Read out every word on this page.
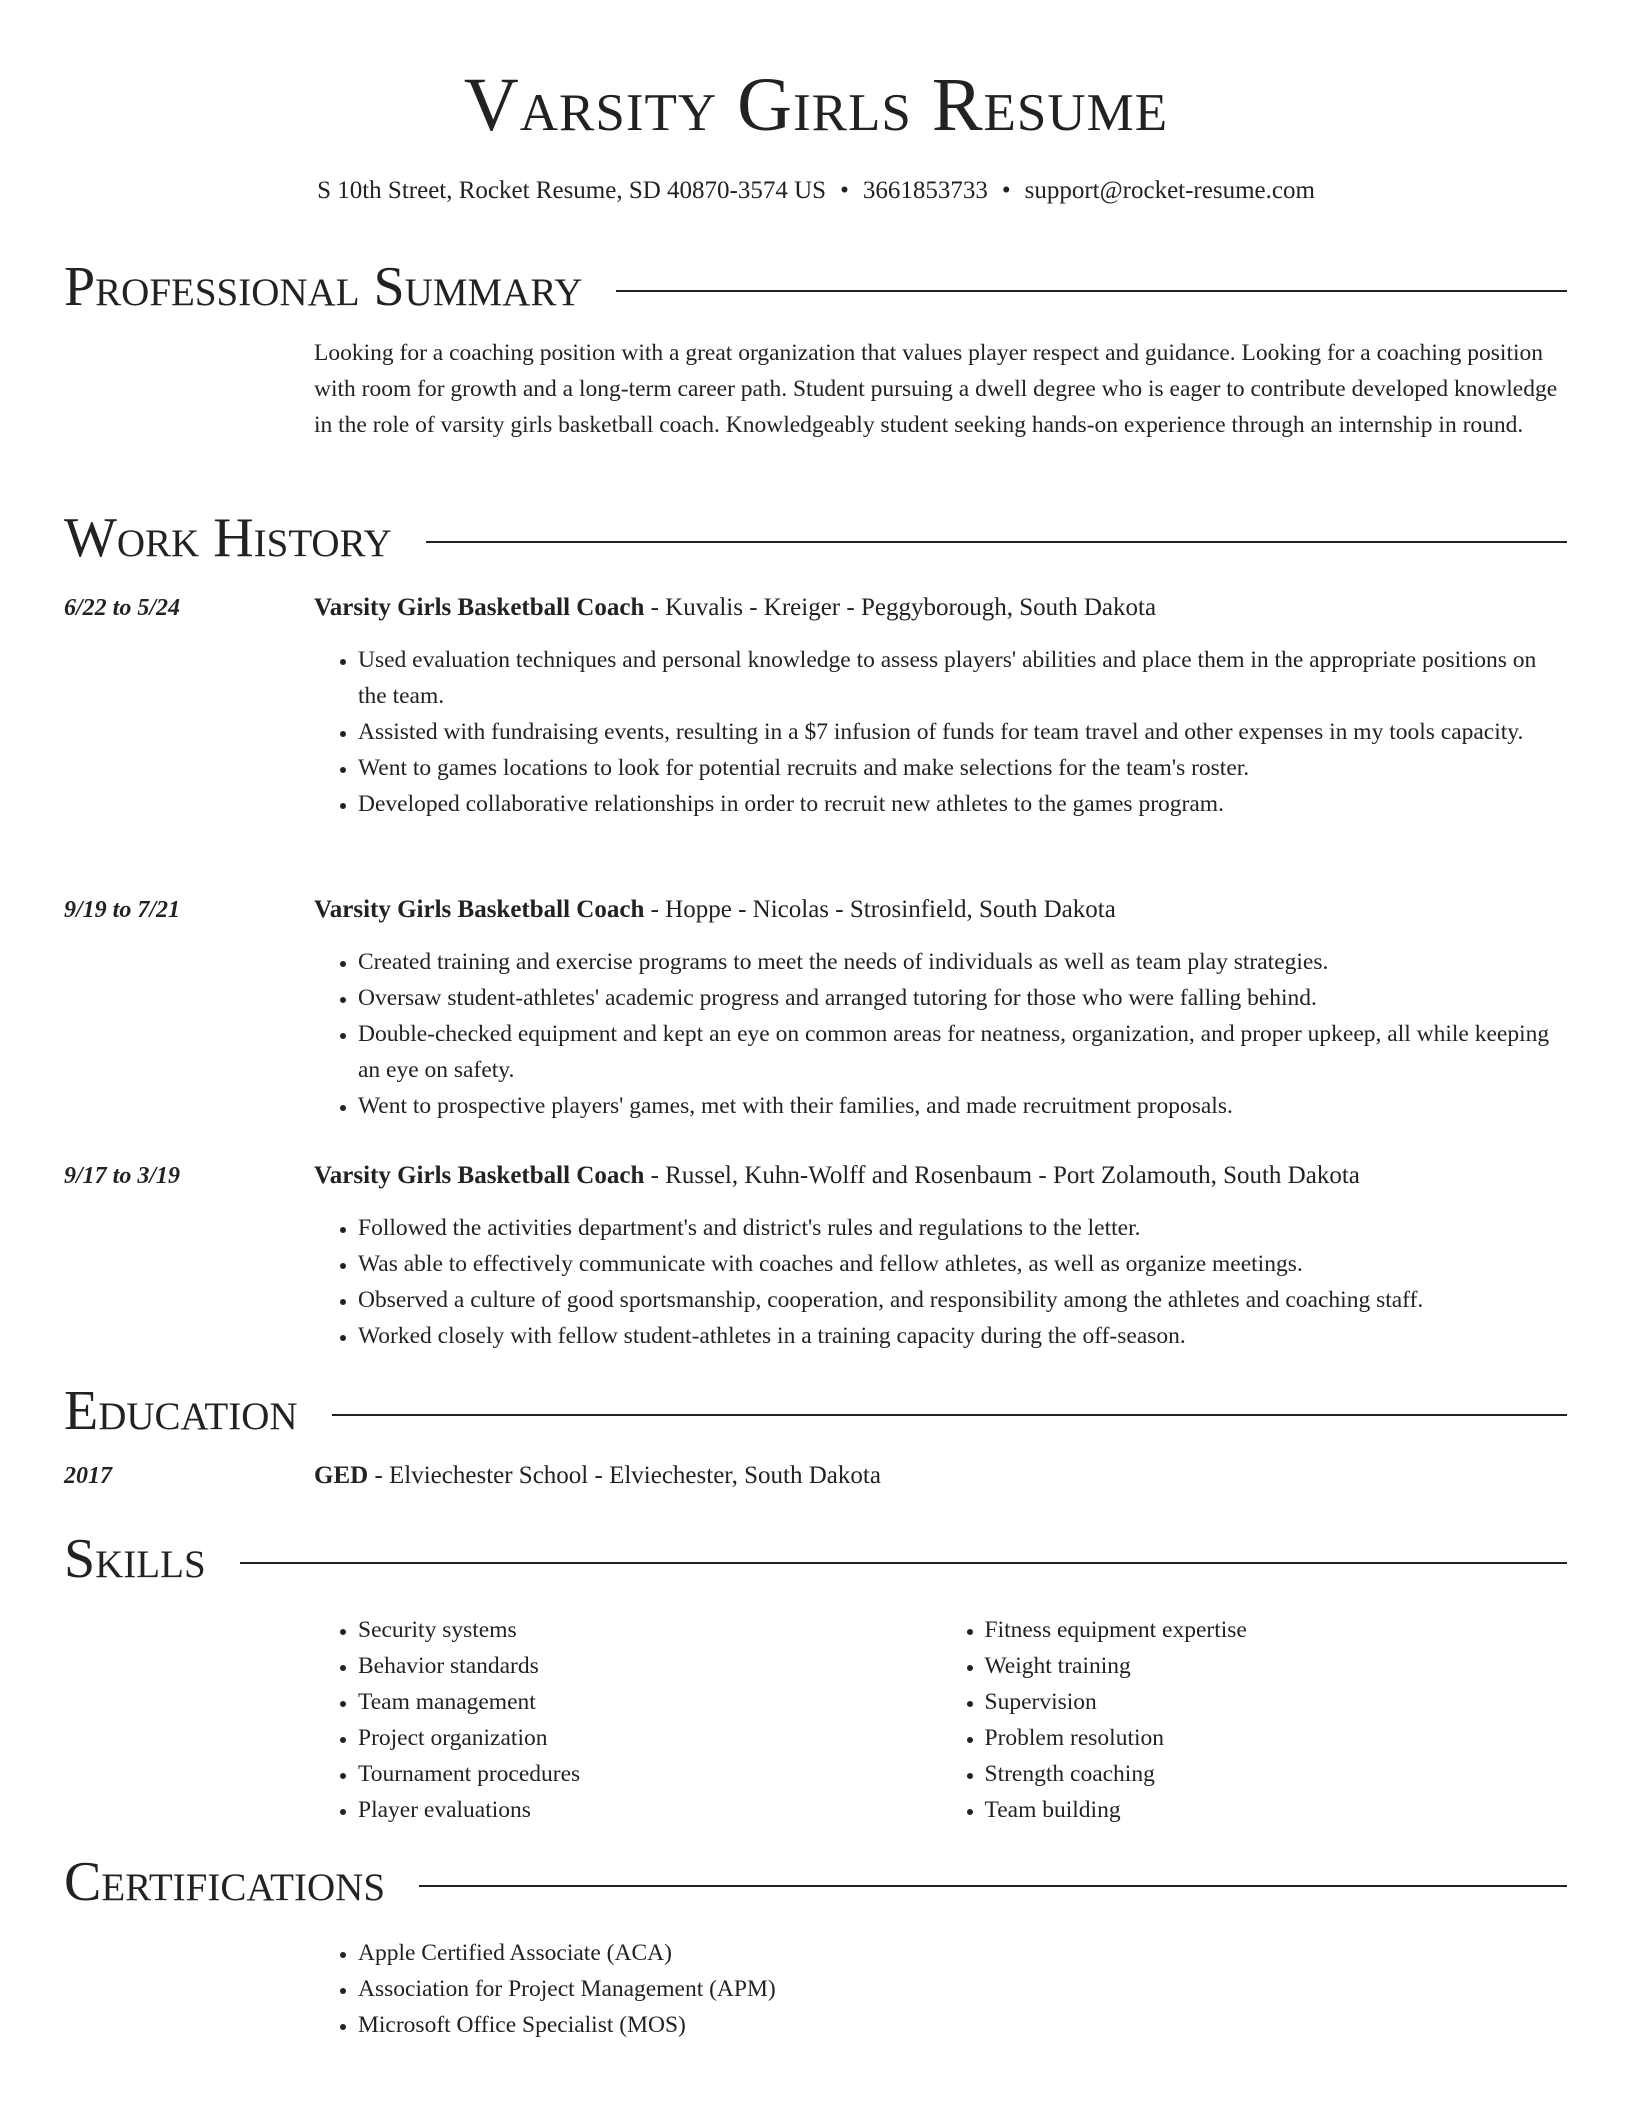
Varsity Girls Resume
S 10th Street, Rocket Resume, SD 40870-3574 US • 3661853733 • support@rocket-resume.com
Professional Summary

Looking for a coaching position with a great organization that values player respect and guidance. Looking for a coaching position with room for growth and a long-term career path. Student pursuing a dwell degree who is eager to contribute developed knowledge in the role of varsity girls basketball coach. Knowledgeably student seeking hands-on experience through an internship in round.

Work History
6/22 to 5/24	Varsity Girls Basketball Coach - Kuvalis - Kreiger - Peggyborough, South Dakota
• Used evaluation techniques and personal knowledge to assess players' abilities and place them in the appropriate positions on the team.
• Assisted with fundraising events, resulting in a $7 infusion of funds for team travel and other expenses in my tools capacity.
• Went to games locations to look for potential recruits and make selections for the team's roster.
• Developed collaborative relationships in order to recruit new athletes to the games program.
9/19 to 7/21	Varsity Girls Basketball Coach - Hoppe - Nicolas - Strosinfield, South Dakota
• Created training and exercise programs to meet the needs of individuals as well as team play strategies.
• Oversaw student-athletes' academic progress and arranged tutoring for those who were falling behind.
• Double-checked equipment and kept an eye on common areas for neatness, organization, and proper upkeep, all while keeping an eye on safety.
• Went to prospective players' games, met with their families, and made recruitment proposals.
9/17 to 3/19	Varsity Girls Basketball Coach - Russel, Kuhn-Wolff and Rosenbaum - Port Zolamouth, South Dakota
• Followed the activities department's and district's rules and regulations to the letter.
• Was able to effectively communicate with coaches and fellow athletes, as well as organize meetings.
• Observed a culture of good sportsmanship, cooperation, and responsibility among the athletes and coaching staff.
• Worked closely with fellow student-athletes in a training capacity during the off-season.
Education
2017	GED - Elviechester School - Elviechester, South Dakota
Skills
• Security systems
• Behavior standards
• Team management
• Project organization
• Tournament procedures
• Player evaluations
• Fitness equipment expertise
• Weight training
• Supervision
• Problem resolution
• Strength coaching
• Team building
Certifications
• Apple Certified Associate (ACA)
• Association for Project Management (APM)
• Microsoft Office Specialist (MOS)
